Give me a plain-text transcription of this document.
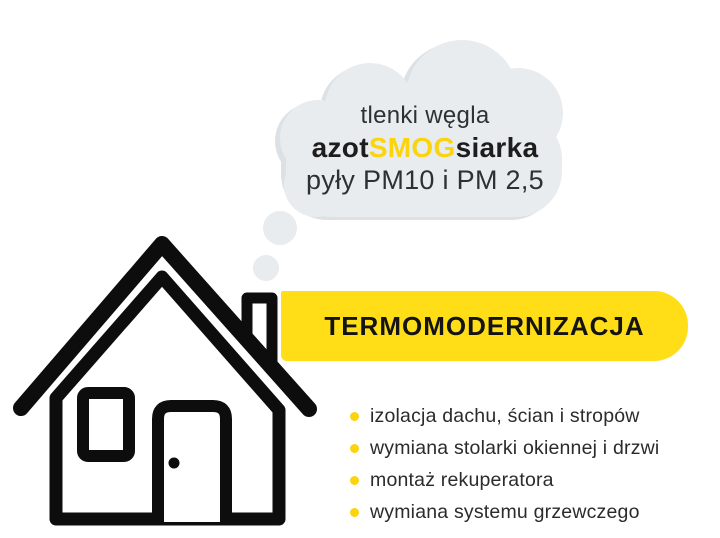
tlenki węgla
azotSMOGsiarka
pyły PM10 i PM 2,5
TERMOMODERNIZACJA
izolacja dachu, ścian i stropów
wymiana stolarki okiennej i drzwi
montaż rekuperatora
wymiana systemu grzewczego
